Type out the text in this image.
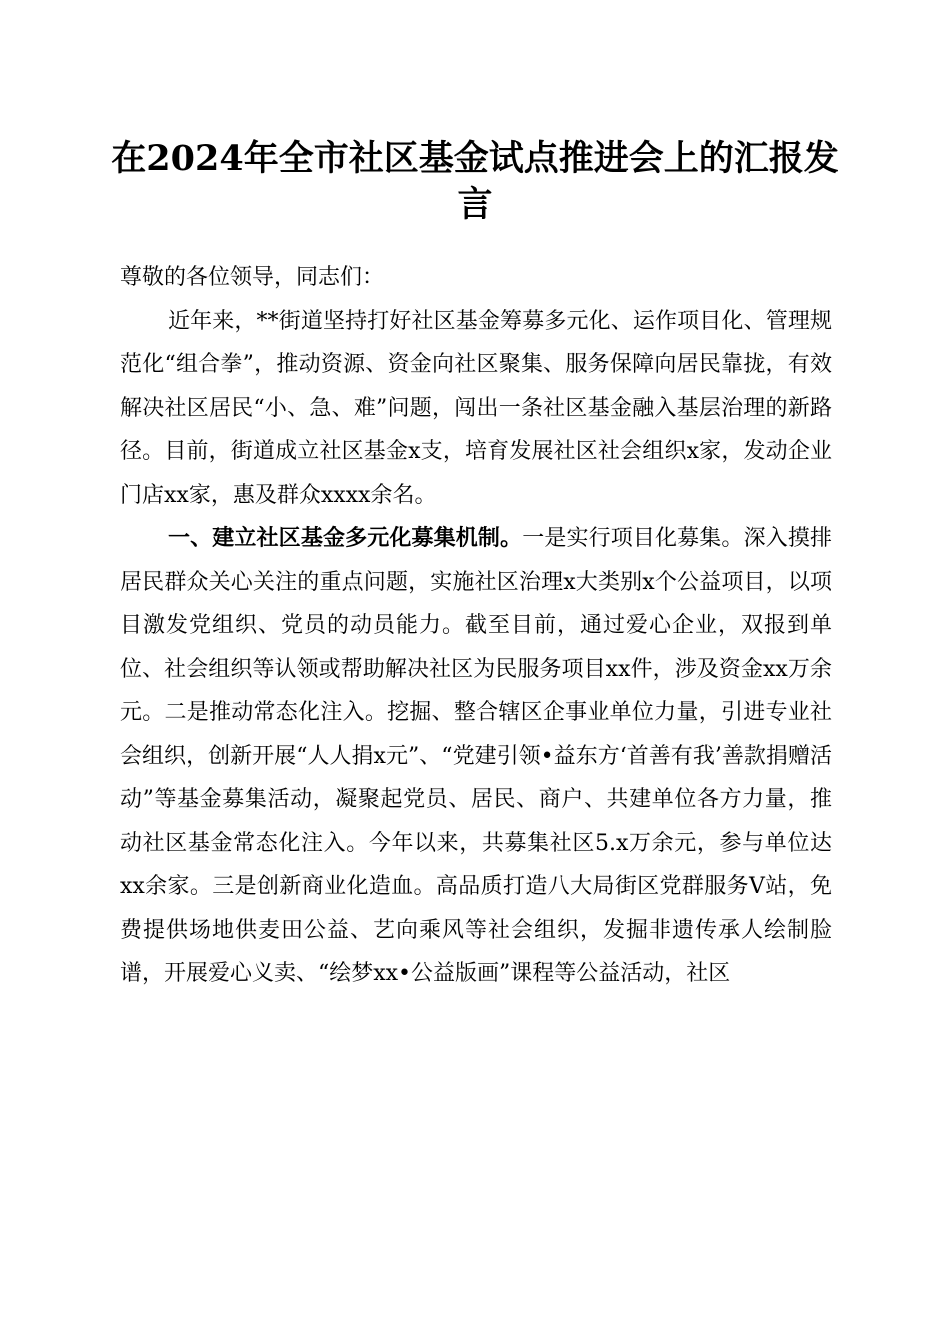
在2024年全市社区基金试点推进会上的汇报发言

尊敬的各位领导，同志们：

近年来，**街道坚持打好社区基金筹募多元化、运作项目化、管理规范化“组合拳”，推动资源、资金向社区聚集、服务保障向居民靠拢，有效解决社区居民“小、急、难”问题，闯出一条社区基金融入基层治理的新路径。目前，街道成立社区基金x支，培育发展社区社会组织x家，发动企业门店xx家，惠及群众xxxx余名。

一、建立社区基金多元化募集机制。一是实行项目化募集。深入摸排居民群众关心关注的重点问题，实施社区治理x大类别x个公益项目，以项目激发党组织、党员的动员能力。截至目前，通过爱心企业，双报到单位、社会组织等认领或帮助解决社区为民服务项目xx件，涉及资金xx万余元。二是推动常态化注入。挖掘、整合辖区企事业单位力量，引进专业社会组织，创新开展“人人捐x元”、“党建引领•益东方‘首善有我’善款捐赠活动”等基金募集活动，凝聚起党员、居民、商户、共建单位各方力量，推动社区基金常态化注入。今年以来，共募集社区5.x万余元，参与单位达xx余家。三是创新商业化造血。高品质打造八大局街区党群服务V站，免费提供场地供麦田公益、艺向乘风等社会组织，发掘非遗传承人绘制脸谱，开展爱心义卖、“绘梦xx•公益版画”课程等公益活动，社区
